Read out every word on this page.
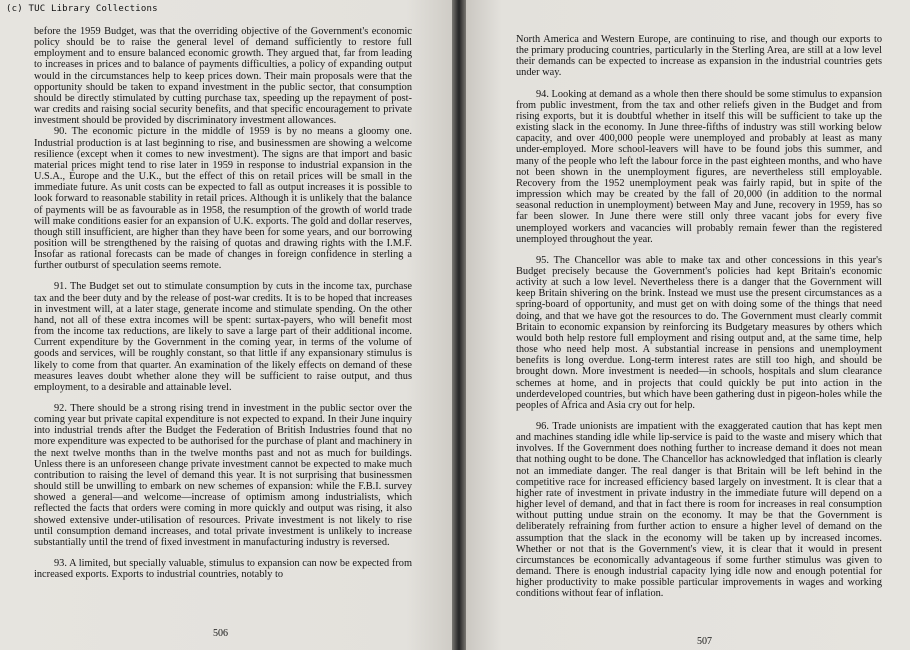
(c) TUC Library Collections

before the 1959 Budget, was that the overriding objective of the Government's economic policy should be to raise the general level of demand sufficiently to restore full employment and to ensure balanced economic growth. They argued that, far from leading to increases in prices and to balance of payments difficulties, a policy of expanding output would in the circumstances help to keep prices down. Their main proposals were that the opportunity should be taken to expand investment in the public sector, that consumption should be directly stimulated by cutting purchase tax, speeding up the repayment of post-war credits and raising social security benefits, and that specific encouragement to private investment should be provided by discriminatory investment allowances.

90. The economic picture in the middle of 1959 is by no means a gloomy one. Industrial production is at last beginning to rise, and businessmen are showing a welcome resilience (except when it comes to new investment). The signs are that import and basic material prices might tend to rise later in 1959 in response to industrial expansion in the U.S.A., Europe and the U.K., but the effect of this on retail prices will be small in the immediate future. As unit costs can be expected to fall as output increases it is possible to look forward to reasonable stability in retail prices. Although it is unlikely that the balance of payments will be as favourable as in 1958, the resumption of the growth of world trade will make conditions easier for an expansion of U.K. exports. The gold and dollar reserves, though still insufficient, are higher than they have been for some years, and our borrowing position will be strengthened by the raising of quotas and drawing rights with the I.M.F. Insofar as rational forecasts can be made of changes in foreign confidence in sterling a further outburst of speculation seems remote.

91. The Budget set out to stimulate consumption by cuts in the income tax, purchase tax and the beer duty and by the release of post-war credits. It is to be hoped that increases in investment will, at a later stage, generate income and stimulate spending. On the other hand, not all of these extra incomes will be spent: surtax-payers, who will benefit most from the income tax reductions, are likely to save a large part of their additional income. Current expenditure by the Government in the coming year, in terms of the volume of goods and services, will be roughly constant, so that little if any expansionary stimulus is likely to come from that quarter. An examination of the likely effects on demand of these measures leaves doubt whether alone they will be sufficient to raise output, and thus employment, to a desirable and attainable level.

92. There should be a strong rising trend in investment in the public sector over the coming year but private capital expenditure is not expected to expand. In their June inquiry into industrial trends after the Budget the Federation of British Industries found that no more expenditure was expected to be authorised for the purchase of plant and machinery in the next twelve months than in the twelve months past and not as much for buildings. Unless there is an unforeseen change private investment cannot be expected to make much contribution to raising the level of demand this year. It is not surprising that businessmen should still be unwilling to embark on new schemes of expansion: while the F.B.I. survey showed a general—and welcome—increase of optimism among industrialists, which reflected the facts that orders were coming in more quickly and output was rising, it also showed extensive under-utilisation of resources. Private investment is not likely to rise until consumption demand increases, and total private investment is unlikely to increase substantially until the trend of fixed investment in manufacturing industry is reversed.

93. A limited, but specially valuable, stimulus to expansion can now be expected from increased exports. Exports to industrial countries, notably to

506

North America and Western Europe, are continuing to rise, and though our exports to the primary producing countries, particularly in the Sterling Area, are still at a low level their demands can be expected to increase as expansion in the industrial countries gets under way.

94. Looking at demand as a whole then there should be some stimulus to expansion from public investment, from the tax and other reliefs given in the Budget and from rising exports, but it is doubtful whether in itself this will be sufficient to take up the existing slack in the economy. In June three-fifths of industry was still working below capacity, and over 400,000 people were unemployed and probably at least as many under-employed. More school-leavers will have to be found jobs this summer, and many of the people who left the labour force in the past eighteen months, and who have not been shown in the unemployment figures, are nevertheless still employable. Recovery from the 1952 unemployment peak was fairly rapid, but in spite of the impression which may be created by the fall of 20,000 (in addition to the normal seasonal reduction in unemployment) between May and June, recovery in 1959, has so far been slower. In June there were still only three vacant jobs for every five unemployed workers and vacancies will probably remain fewer than the registered unemployed throughout the year.

95. The Chancellor was able to make tax and other concessions in this year's Budget precisely because the Government's policies had kept Britain's economic activity at such a low level. Nevertheless there is a danger that the Government will keep Britain shivering on the brink. Instead we must use the present circumstances as a spring-board of opportunity, and must get on with doing some of the things that need doing, and that we have got the resources to do. The Government must clearly commit Britain to economic expansion by reinforcing its Budgetary measures by others which would both help restore full employment and rising output and, at the same time, help those who need help most. A substantial increase in pensions and unemployment benefits is long overdue. Long-term interest rates are still too high, and should be brought down. More investment is needed—in schools, hospitals and slum clearance schemes at home, and in projects that could quickly be put into action in the underdeveloped countries, but which have been gathering dust in pigeon-holes while the peoples of Africa and Asia cry out for help.

96. Trade unionists are impatient with the exaggerated caution that has kept men and machines standing idle while lip-service is paid to the waste and misery which that involves. If the Government does nothing further to increase demand it does not mean that nothing ought to be done. The Chancellor has acknowledged that inflation is clearly not an immediate danger. The real danger is that Britain will be left behind in the competitive race for increased efficiency based largely on investment. It is clear that a higher rate of investment in private industry in the immediate future will depend on a higher level of demand, and that in fact there is room for increases in real consumption without putting undue strain on the economy. It may be that the Government is deliberately refraining from further action to ensure a higher level of demand on the assumption that the slack in the economy will be taken up by increased incomes. Whether or not that is the Government's view, it is clear that it would in present circumstances be economically advantageous if some further stimulus was given to demand. There is enough industrial capacity lying idle now and enough potential for higher productivity to make possible particular improvements in wages and working conditions without fear of inflation.

507
